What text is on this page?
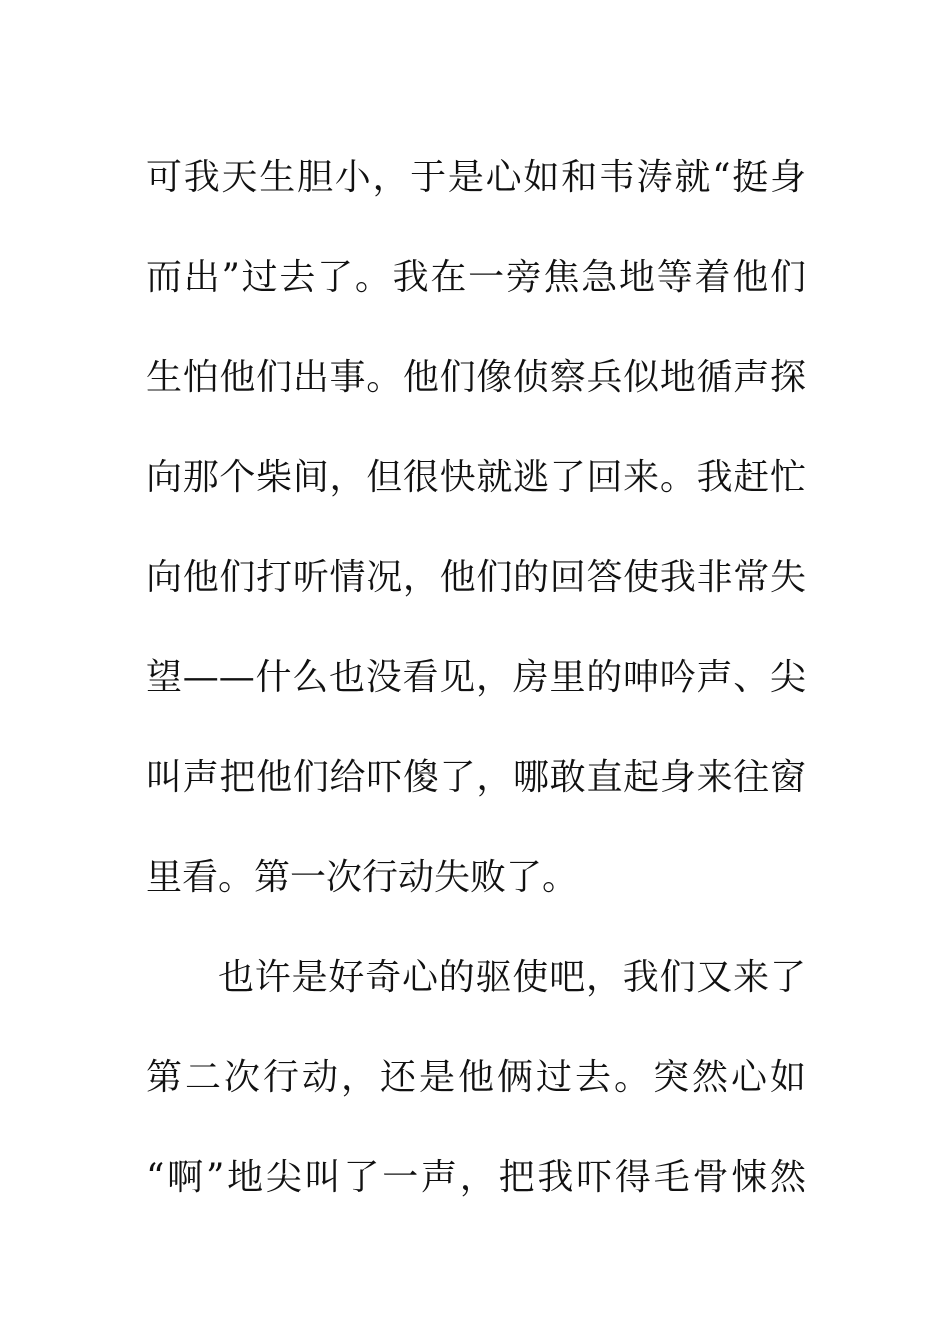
可我天生胆小，于是心如和韦涛就“挺身
而出”过去了。我在一旁焦急地等着他们
生怕他们出事。他们像侦察兵似地循声探
向那个柴间，但很快就逃了回来。我赶忙
向他们打听情况，他们的回答使我非常失
望——什么也没看见，房里的呻吟声、尖
叫声把他们给吓傻了，哪敢直起身来往窗
里看。第一次行动失败了。
也许是好奇心的驱使吧，我们又来了
第二次行动，还是他俩过去。突然心如
“啊”地尖叫了一声，把我吓得毛骨悚然
